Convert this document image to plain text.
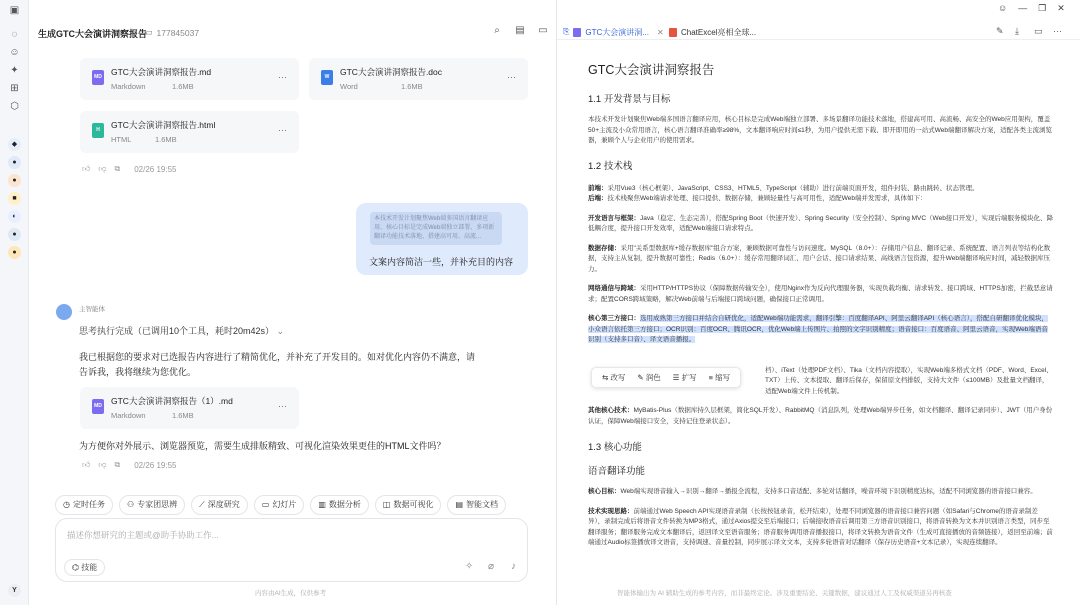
▣
◌
☺
✦
⊞
⬡
◆
●
●
■
◐
●
●
Y
生成GTC大会演讲洞察报告
▭ 177845037	⌕	▤ ▭
MD GTC大会演讲洞察报告.md
Markdown	1.6MB
···	W	GTC大会演讲洞察报告.doc
Word	1.6MB
···
H	GTC大会演讲洞察报告.html
HTML	1.6MB
···
👍︎ 👎︎ ⧉ 02/26 19:55
本技术开发计划聚焦Web端多国语言翻译应用、核心目标是完成Web端独立部署、多项新翻译功能技术落地、搭建高可用、高流...
文案内容简洁一些，并补充目的内容
主智能体
思考执行完成（已调用10个工具，耗时20m42s） ⌄
我已根据您的要求对已选报告内容进行了精简优化，并补充了开发目的。如对优化内容仍不满意，请告诉我，我将继续为您优化。
MD GTC大会演讲洞察报告（1）.md
Markdown	1.6MB
···
为方便你对外展示、浏览器预览，需要生成排版精致、可视化渲染效果更佳的HTML文件吗？
👍︎ 👎︎ ⧉ 02/26 19:55
◷ 定时任务	⚇ 专家团思辨	⟋ 深度研究	▭ 幻灯片	▥ 数据分析	◫ 数据可视化	▤ 智能文档
描述你想研究的主题或@助手协助工作...
⌬ 技能	✧ ⌀ ♪
内容由AI生成，仅供参考
⎘ GTC大会演讲洞... ✕ ChatExcel亮相全球...	✎ ⤓ ▭ ···
GTC大会演讲洞察报告
1.1 开发背景与目标

本技术开发计划聚焦Web端多国语言翻译应用，核心目标是完成Web端独立部署、多场景翻译功能技术落地，搭建高可用、高流畅、高安全的Web应用架构，覆盖50+主流及小众常用语言，核心语言翻译准确率≥98%，文本翻译响应时间≤1秒，为用户提供无需下载、即开即用的一站式Web端翻译解决方案，适配各类主流浏览器，兼顾个人与企业用户的使用需求。

1.2 技术栈

前端：采用Vue3（核心框架）、JavaScript、CSS3、HTML5、TypeScript（辅助）进行前端页面开发，组件封装、路由跳转、状态管理。

后端：技术栈聚焦Web端请求处理、接口提供、数据存储，兼顾轻量性与高可用性，适配Web端并发需求，具体如下：

开发语言与框架：Java（稳定、生态完善），搭配Spring Boot（快速开发）、Spring Security（安全控制）、Spring MVC（Web接口开发），实现后端服务模块化、降低耦合度，提升接口开发效率，适配Web端接口请求特点。

数据存储：采用"关系型数据库+缓存数据库"组合方案，兼顾数据可靠性与访问速度。MySQL（8.0+）：存储用户信息、翻译记录、系统配置、语言列表等结构化数据，支持主从复制，提升数据可靠性；Redis（6.0+）：缓存常用翻译词汇、用户会话、接口请求结果、高线语言包资源，提升Web端翻译响应时间，减轻数据库压力。

网络通信与跨域：采用HTTP/HTTPS协议（保障数据传输安全），使用Nginx作为反向代理服务器，实现负载均衡、请求转发、接口跨域、HTTPS加密，拦截恶意请求；配置CORS跨域策略，解决Web前端与后端接口跨域问题，确保接口正常调用。

核心第三方接口：选用成熟第三方接口并结合自研优化，适配Web端功能需求，翻译引擎：百度翻译API、阿里云翻译API（核心语言），搭配自研翻译优化模块，小众语言依托第三方接口；OCR识别：百度OCR、腾讯OCR，优化Web端上传图片、拍照的文字识别精度；语音接口：百度语音、阿里云语音，实现Web端语音识别（支持多口音）、译文语音播报。

档）、iText（处理PDF文档）、Tika（文档内容提取），实现Web端多格式文档（PDF、Word、Excel、TXT）上传、文本提取、翻译后保存，保留原文档排版，支持大文件（≤100MB）及批量文档翻译，适配Web端文件上传机制。

其他核心技术：MyBatis-Plus（数据库持久层框架，简化SQL开发）、RabbitMQ（消息队列，处理Web端异步任务，如文档翻译、翻译记录同步）、JWT（用户身份认证，保障Web端接口安全，支持记住登录状态）。

1.3 核心功能
语音翻译功能

核心目标：Web端实现语音输入→识别→翻译→播报全流程，支持多口音适配、多轮对话翻译，噪音环境下识别精度达标，适配不同浏览器的语音接口兼容。

技术实现思路：前端通过Web Speech API实现语音录制（长按按钮录音，松开结束），处理不同浏览器的语音接口兼容问题（如Safari与Chrome的语音录制差异），录制完成后将语音文件转换为MP3格式，通过Axios提交至后端接口；后端接收语音后调用第三方语音识别接口，将语音转换为文本并识别语言类型，同步至翻译服务；翻译服务完成文本翻译后，返回译文至语音服务；语音服务调用语音播报接口，将译文转换为语音文件（生成可直接播放的音频链接），返回至前端；前端通过Audio标签播放译文语音，支持调速、音量控制，同步展示译文文本，支持多轮语音对话翻译（保存历史语音+文本记录），实现连续翻译。

智能体输出为 AI 辅助生成的参考内容，而非最终定论。涉及重要结论、关键数据，建议通过人工及权威渠道另再核查
⇆ 改写 ✎ 润色 ☰ 扩写 ≡ 缩写
☺ — ❐ ✕
